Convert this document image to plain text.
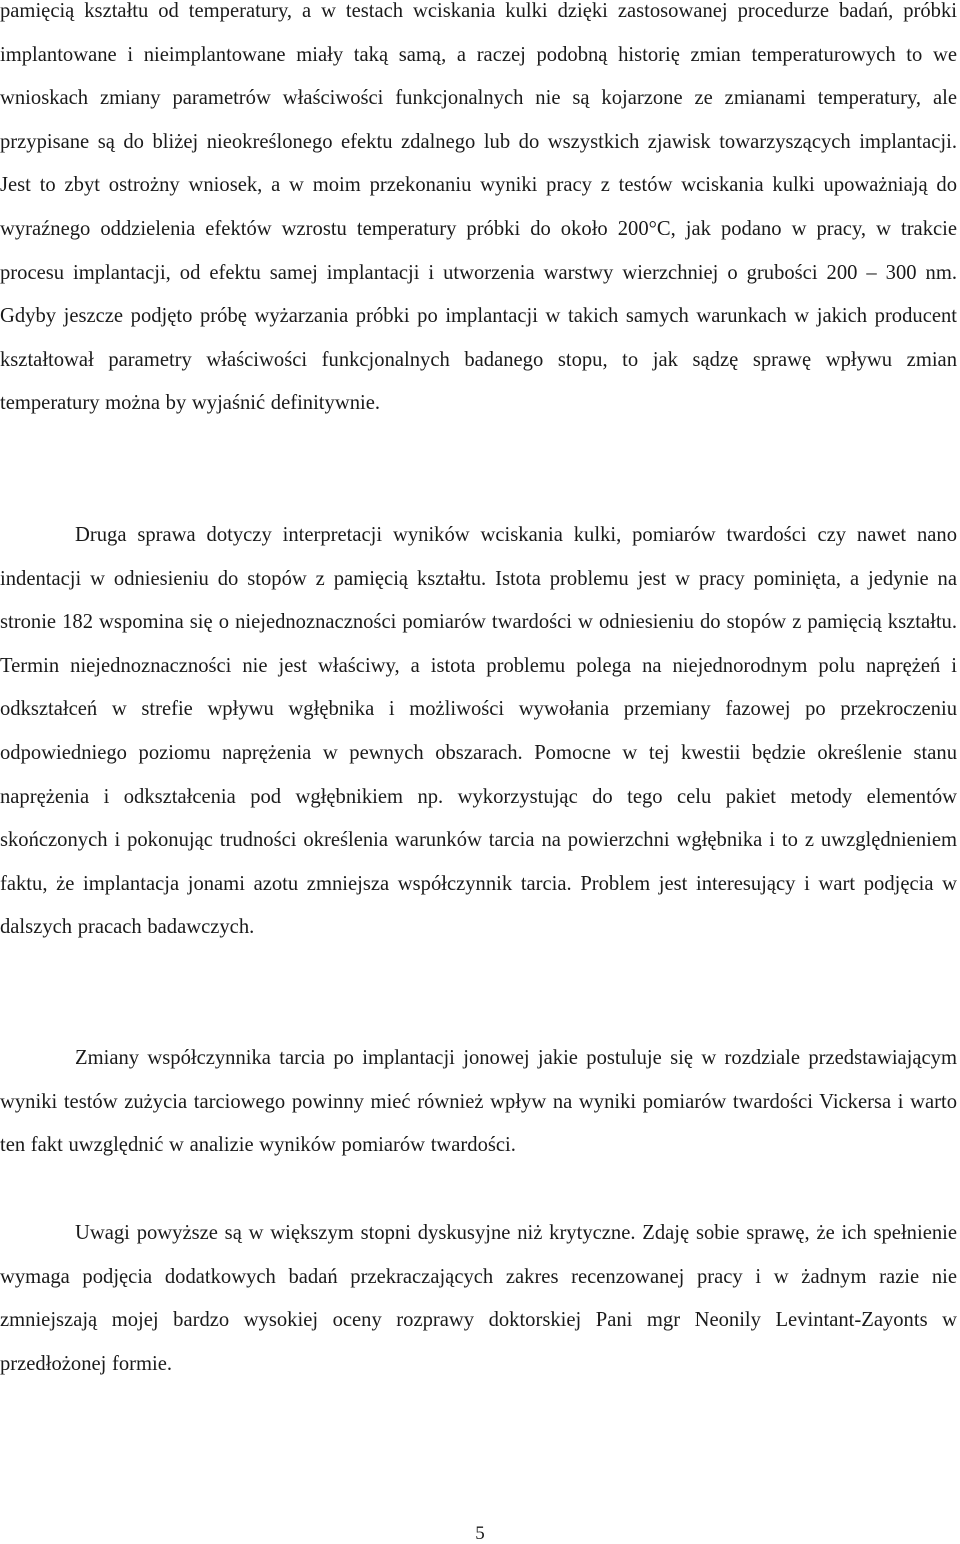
pamięcią kształtu od temperatury, a w testach wciskania kulki dzięki zastosowanej procedurze badań, próbki implantowane i nieimplantowane miały taką samą, a raczej podobną historię zmian temperaturowych to we wnioskach zmiany parametrów właściwości funkcjonalnych nie są kojarzone ze zmianami temperatury, ale przypisane są do bliżej nieokreślonego efektu zdalnego lub do wszystkich zjawisk towarzyszących implantacji. Jest to zbyt ostrożny wniosek, a w moim przekonaniu wyniki pracy z testów wciskania kulki upoważniają do wyraźnego oddzielenia efektów wzrostu temperatury próbki do około 200°C, jak podano w pracy, w trakcie procesu implantacji, od efektu samej implantacji i utworzenia warstwy wierzchniej o grubości 200 – 300 nm. Gdyby jeszcze podjęto próbę wyżarzania próbki po implantacji w takich samych warunkach w jakich producent kształtował parametry właściwości funkcjonalnych badanego stopu, to jak sądzę sprawę wpływu zmian temperatury można by wyjaśnić definitywnie.

Druga sprawa dotyczy interpretacji wyników wciskania kulki, pomiarów twardości czy nawet nano indentacji w odniesieniu do stopów z pamięcią kształtu. Istota problemu jest w pracy pominięta, a jedynie na stronie 182 wspomina się o niejednoznaczności pomiarów twardości w odniesieniu do stopów z pamięcią kształtu. Termin niejednoznaczności nie jest właściwy, a istota problemu polega na niejednorodnym polu naprężeń i odkształceń w strefie wpływu wgłębnika i możliwości wywołania przemiany fazowej po przekroczeniu odpowiedniego poziomu naprężenia w pewnych obszarach. Pomocne w tej kwestii będzie określenie stanu naprężenia i odkształcenia pod wgłębnikiem np. wykorzystując do tego celu pakiet metody elementów skończonych i pokonując trudności określenia warunków tarcia na powierzchni wgłębnika i to z uwzględnieniem faktu, że implantacja jonami azotu zmniejsza współczynnik tarcia. Problem jest interesujący i wart podjęcia w dalszych pracach badawczych.

Zmiany współczynnika tarcia po implantacji jonowej jakie postuluje się w rozdziale przedstawiającym wyniki testów zużycia tarciowego powinny mieć również wpływ na wyniki pomiarów twardości Vickersa i warto ten fakt uwzględnić w analizie wyników pomiarów twardości.

Uwagi powyższe są w większym stopni dyskusyjne niż krytyczne. Zdaję sobie sprawę, że ich spełnienie wymaga podjęcia dodatkowych badań przekraczających zakres recenzowanej pracy i w żadnym razie nie zmniejszają mojej bardzo wysokiej oceny rozprawy doktorskiej Pani mgr Neonily Levintant-Zayonts w przedłożonej formie.

5
